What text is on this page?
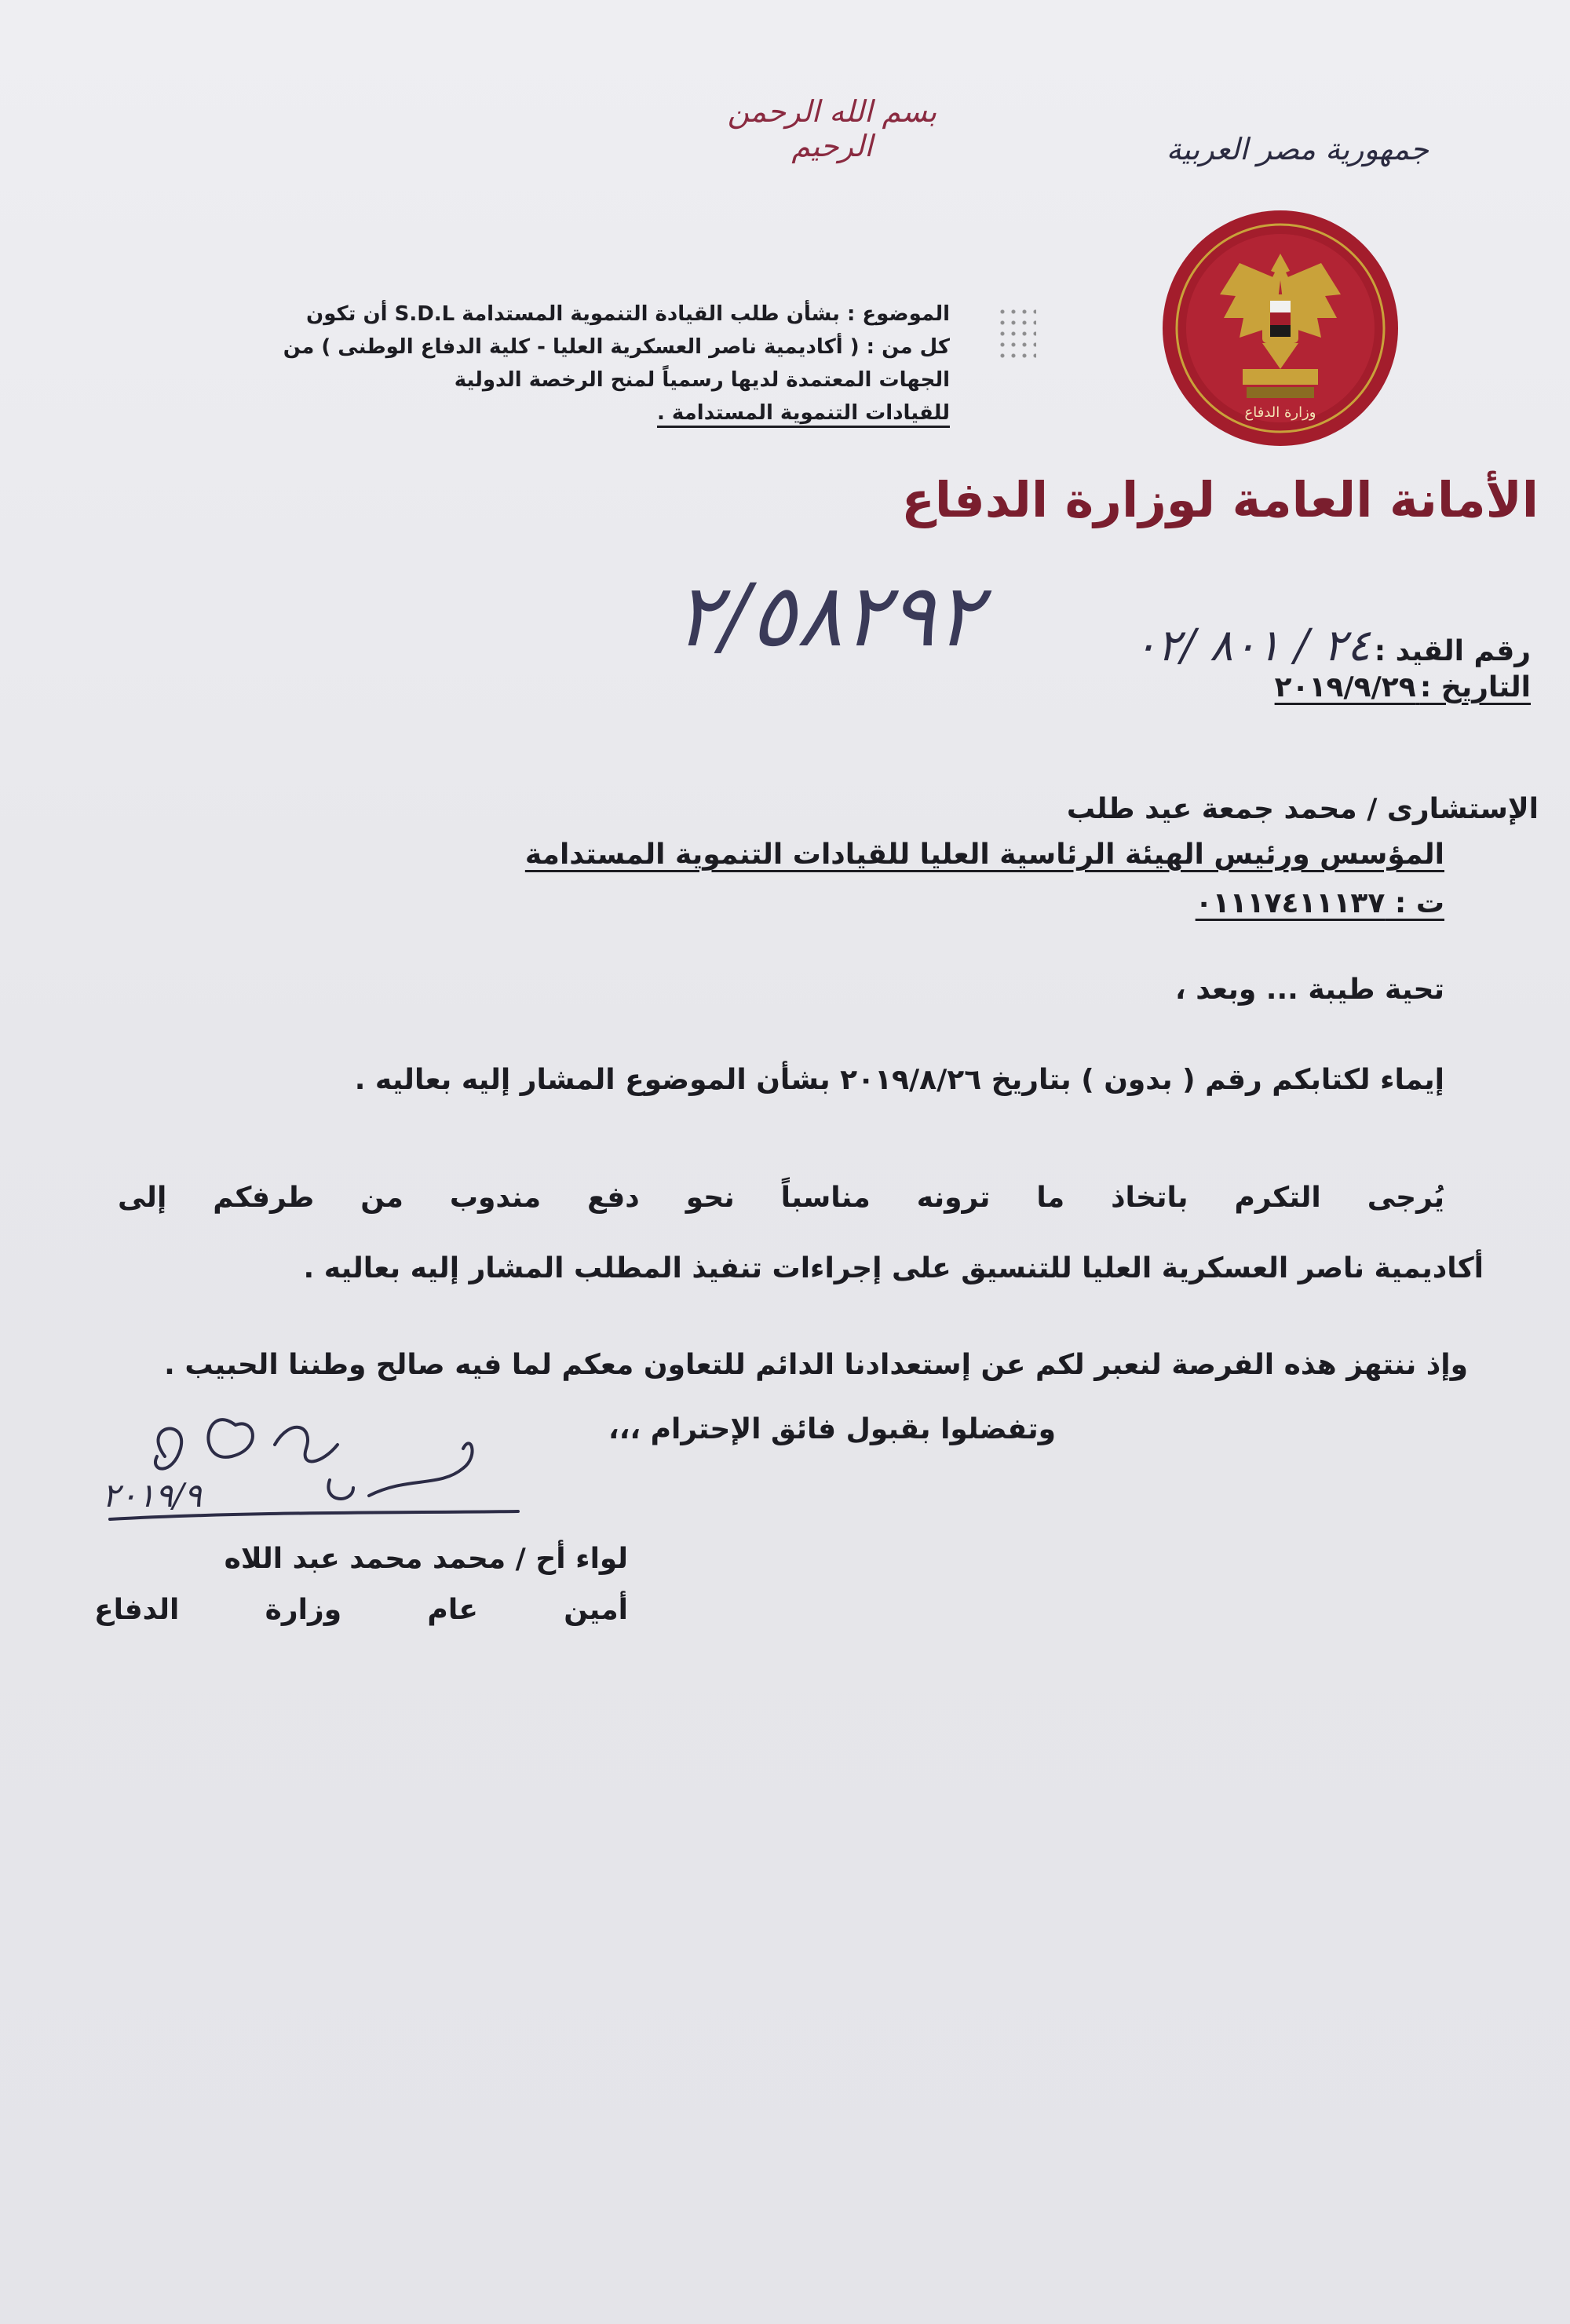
بسم الله الرحمن الرحيم	جمهورية مصر العربية
وزارة الدفاع
الأمانة العامة لوزارة الدفاع
الموضوع : بشأن طلب القيادة التنموية المستدامة S.D.L أن تكون
كل من : ( أكاديمية ناصر العسكرية العليا - كلية الدفاع الوطنى ) من
الجهات المعتمدة لديها رسمياً لمنح الرخصة الدولية
للقيادات التنموية المستدامة .
٢/٥٨٢٩٢	رقم القيد : ٢٤ / ٨٠١ /٠٢
التاريخ : ٢٠١٩/٩/٢٩
الإستشارى / محمد جمعة عيد طلب
المؤسس ورئيس الهيئة الرئاسية العليا للقيادات التنموية المستدامة
ت : ٠١١١٧٤١١١٣٧
تحية طيبة ... وبعد ،
إيماء لكتابكم رقم ( بدون ) بتاريخ ٢٠١٩/٨/٢٦ بشأن الموضوع المشار إليه بعاليه .
يُرجى التكرم باتخاذ ما ترونه مناسباً نحو دفع مندوب من طرفكم إلى
أكاديمية ناصر العسكرية العليا للتنسيق على إجراءات تنفيذ المطلب المشار إليه بعاليه .
وإذ ننتهز هذه الفرصة لنعبر لكم عن إستعدادنا الدائم للتعاون معكم لما فيه صالح وطننا الحبيب .
وتفضلوا بقبول فائق الإحترام ،،،
٢٠١٩/٩
لواء أح / محمد محمد عبد اللاه
أمين عام وزارة الدفاع
